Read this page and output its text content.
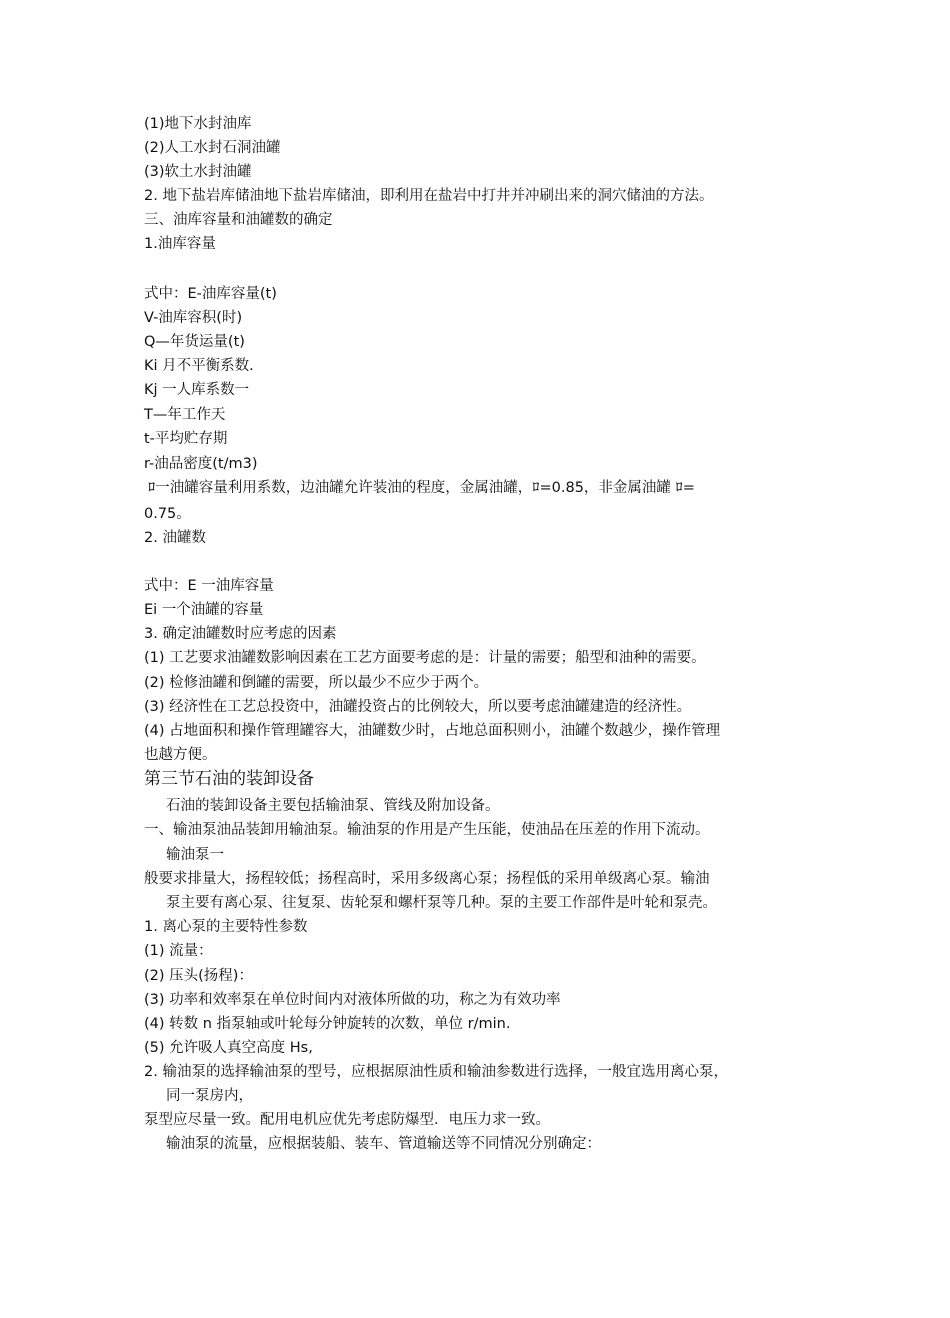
(1)地下水封油库
(2)人工水封石洞油罐
(3)软土水封油罐
2. 地下盐岩库储油地下盐岩库储油，即利用在盐岩中打井并冲刷出来的洞穴储油的方法。
三、油库容量和油罐数的确定
1.油库容量
式中：E-油库容量(t)
V-油库容积(时)
Q—年货运量(t)
Ki 月不平衡系数.
Kj 一人库系数一
T—年工作天
t-平均贮存期
r-油品密度(t/m3)
ﾛ一油罐容量利用系数，边油罐允许装油的程度，金属油罐，ﾛ=0.85，非金属油罐 ﾛ=
0.75。
2. 油罐数
式中：E 一油库容量
Ei 一个油罐的容量
3. 确定油罐数时应考虑的因素
(1) 工艺要求油罐数影响因素在工艺方面要考虑的是：计量的需要；船型和油种的需要。
(2) 检修油罐和倒罐的需要，所以最少不应少于两个。
(3) 经济性在工艺总投资中，油罐投资占的比例较大，所以要考虑油罐建造的经济性。
(4) 占地面积和操作管理罐容大，油罐数少时，占地总面积则小，油罐个数越少，操作管理
也越方便。
第三节石油的装卸设备
石油的装卸设备主要包括输油泵、管线及附加设备。
一、输油泵油品装卸用输油泵。输油泵的作用是产生压能，使油品在压差的作用下流动。
输油泵一
般要求排量大，扬程较低；扬程高时，采用多级离心泵；扬程低的采用单级离心泵。输油
泵主要有离心泵、往复泵、齿轮泵和螺杆泵等几种。泵的主要工作部件是叶轮和泵壳。
1. 离心泵的主要特性参数
(1) 流量：
(2) 压头(扬程)：
(3) 功率和效率泵在单位时间内对液体所做的功，称之为有效功率
(4) 转数 n 指泵轴或叶轮每分钟旋转的次数，单位 r/min.
(5) 允许吸人真空高度 Hs,
2. 输油泵的选择输油泵的型号，应根据原油性质和输油参数进行选择，一般宜选用离心泵，
同一泵房内，
泵型应尽量一致。配用电机应优先考虑防爆型．电压力求一致。
输油泵的流量，应根据装船、装车、管道输送等不同情况分别确定：
